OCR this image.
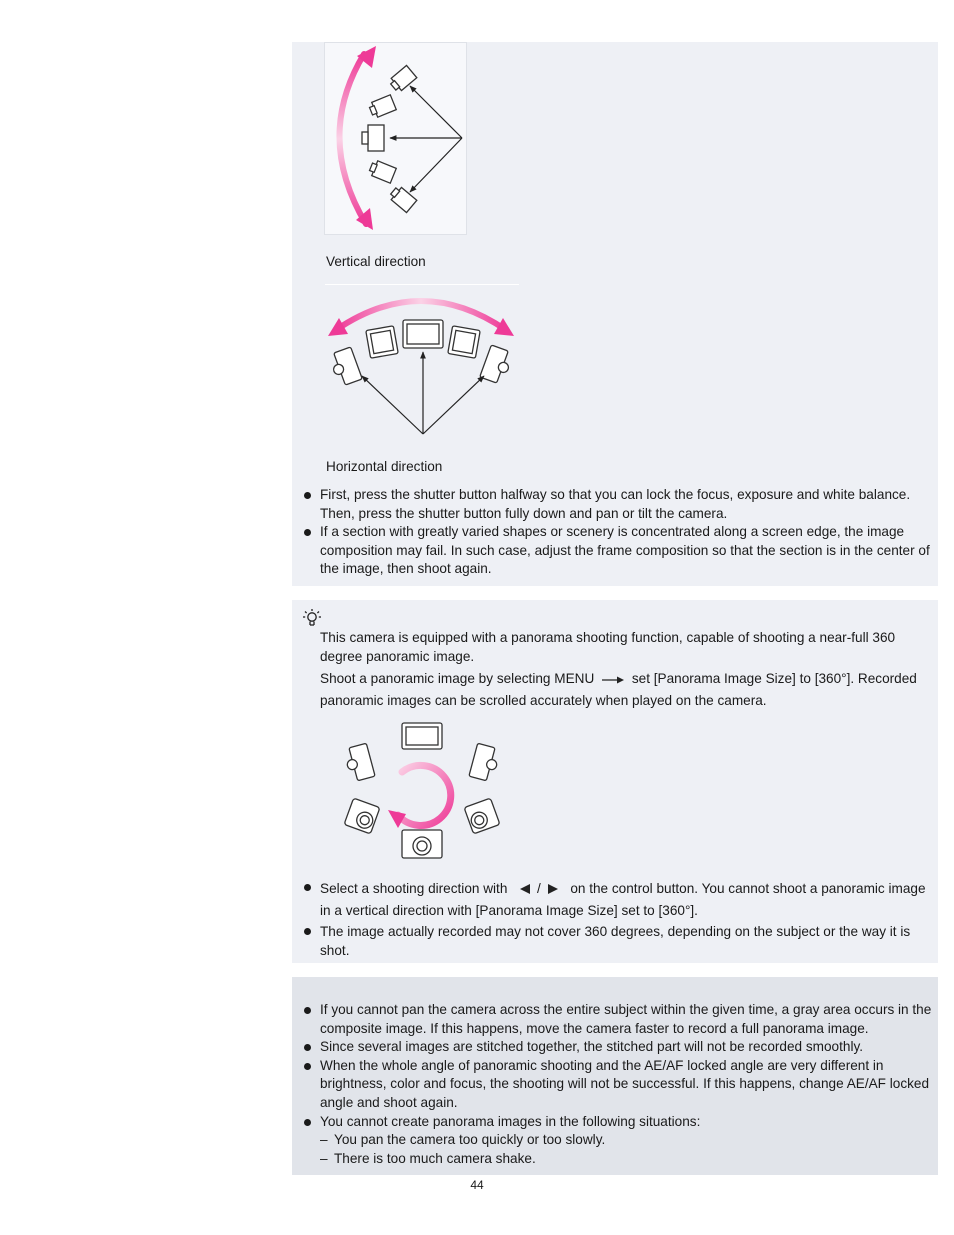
Vertical direction
Horizontal direction
First, press the shutter button halfway so that you can lock the focus, exposure and white balance. Then, press the shutter button fully down and pan or tilt the camera.
If a section with greatly varied shapes or scenery is concentrated along a screen edge, the image composition may fail. In such case, adjust the frame composition so that the section is in the center of the image, then shoot again.

This camera is equipped with a panorama shooting function, capable of shooting a near-full 360 degree panoramic image.

Shoot a panoramic image by selecting MENU	set [Panorama Image Size] to [360°]. Recorded panoramic images can be scrolled accurately when played on the camera.

Select a shooting direction with / on the control button. You cannot shoot a panoramic image in a vertical direction with [Panorama Image Size] set to [360°].
The image actually recorded may not cover 360 degrees, depending on the subject or the way it is shot.
If you cannot pan the camera across the entire subject within the given time, a gray area occurs in the composite image. If this happens, move the camera faster to record a full panorama image.
Since several images are stitched together, the stitched part will not be recorded smoothly.
When the whole angle of panoramic shooting and the AE/AF locked angle are very different in brightness, color and focus, the shooting will not be successful. If this happens, change AE/AF locked angle and shoot again.
You cannot create panorama images in the following situations:
– You pan the camera too quickly or too slowly.
– There is too much camera shake.
44
